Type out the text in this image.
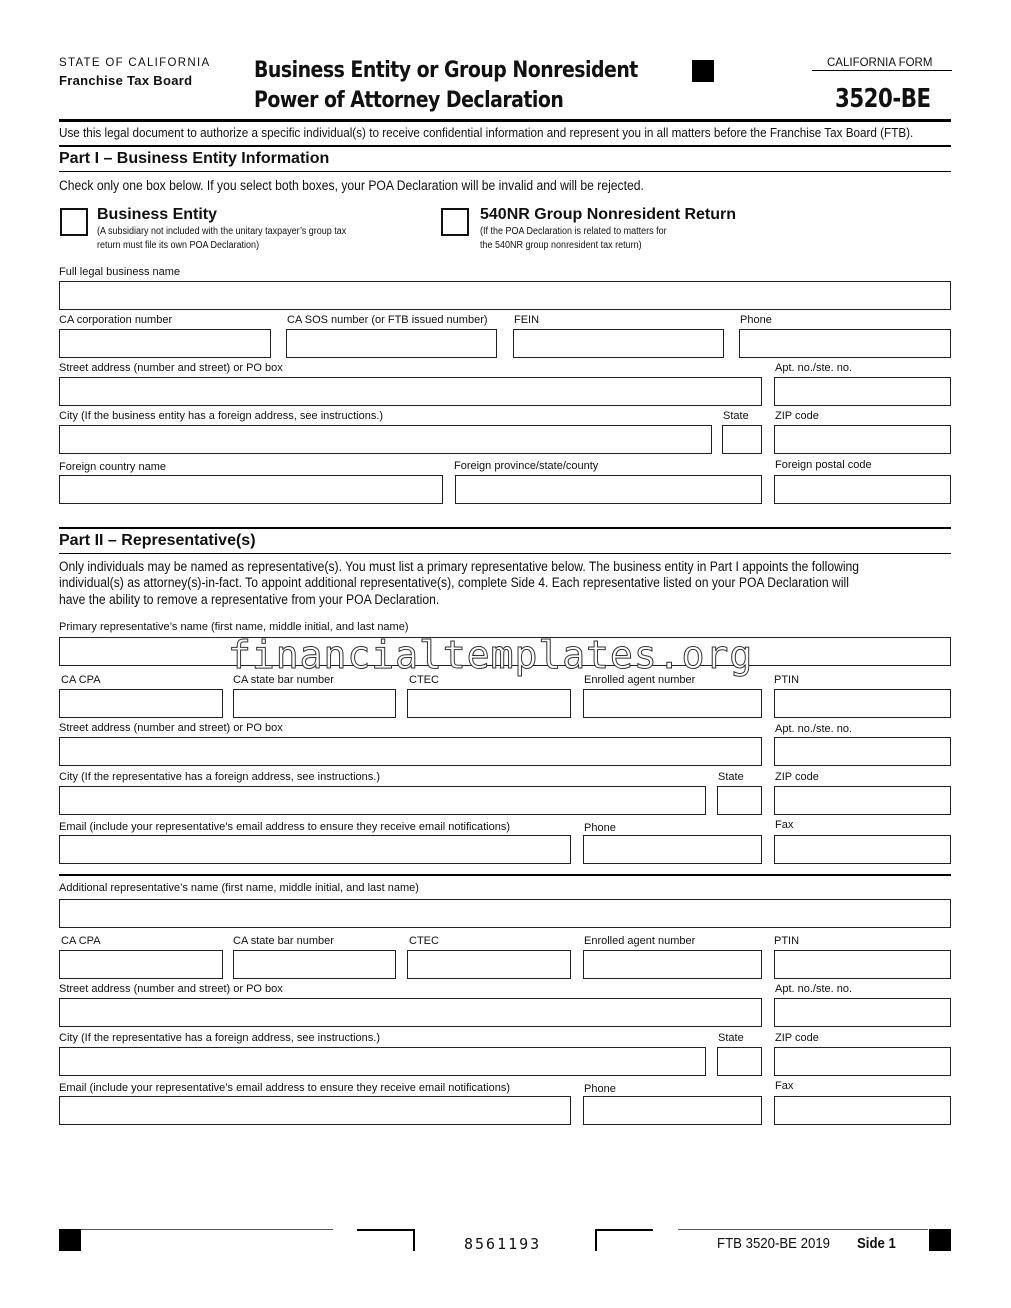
STATE OF CALIFORNIA
Franchise Tax Board	Business Entity or Group Nonresident
Power of Attorney Declaration
CALIFORNIA FORM
3520-BE
Use this legal document to authorize a specific individual(s) to receive confidential information and represent you in all matters before the Franchise Tax Board (FTB).
Part I – Business Entity Information
Check only one box below. If you select both boxes, your POA Declaration will be invalid and will be rejected.
Business Entity
(A subsidiary not included with the unitary taxpayer’s group tax
return must file its own POA Declaration)
540NR Group Nonresident Return
(If the POA Declaration is related to matters for
the 540NR group nonresident tax return)
Full legal business name
CA corporation number	CA SOS number (or FTB issued number) FEIN	Phone
Street address (number and street) or PO box	Apt. no./ste. no.
City (If the business entity has a foreign address, see instructions.)	State ZIP code
Foreign country name	Foreign province/state/county	Foreign postal code
Part II – Representative(s)
Only individuals may be named as representative(s). You must list a primary representative below. The business entity in Part I appoints the following
individual(s) as attorney(s)-in-fact. To appoint additional representative(s), complete Side 4. Each representative listed on your POA Declaration will
have the ability to remove a representative from your POA Declaration.
Primary representative’s name (first name, middle initial, and last name)
financialtemplates.org
CA CPA	CA state bar number	CTEC	Enrolled agent number	PTIN
Street address (number and street) or PO box	Apt. no./ste. no.
City (If the representative has a foreign address, see instructions.)	State	ZIP code
Email (include your representative’s email address to ensure they receive email notifications)	Phone	Fax
Additional representative’s name (first name, middle initial, and last name)
CA CPA	CA state bar number	CTEC	Enrolled agent number	PTIN
Street address (number and street) or PO box	Apt. no./ste. no.
City (If the representative has a foreign address, see instructions.)	State	ZIP code
Email (include your representative’s email address to ensure they receive email notifications)	Phone	Fax
8561193	FTB 3520-BE 2019 Side 1
